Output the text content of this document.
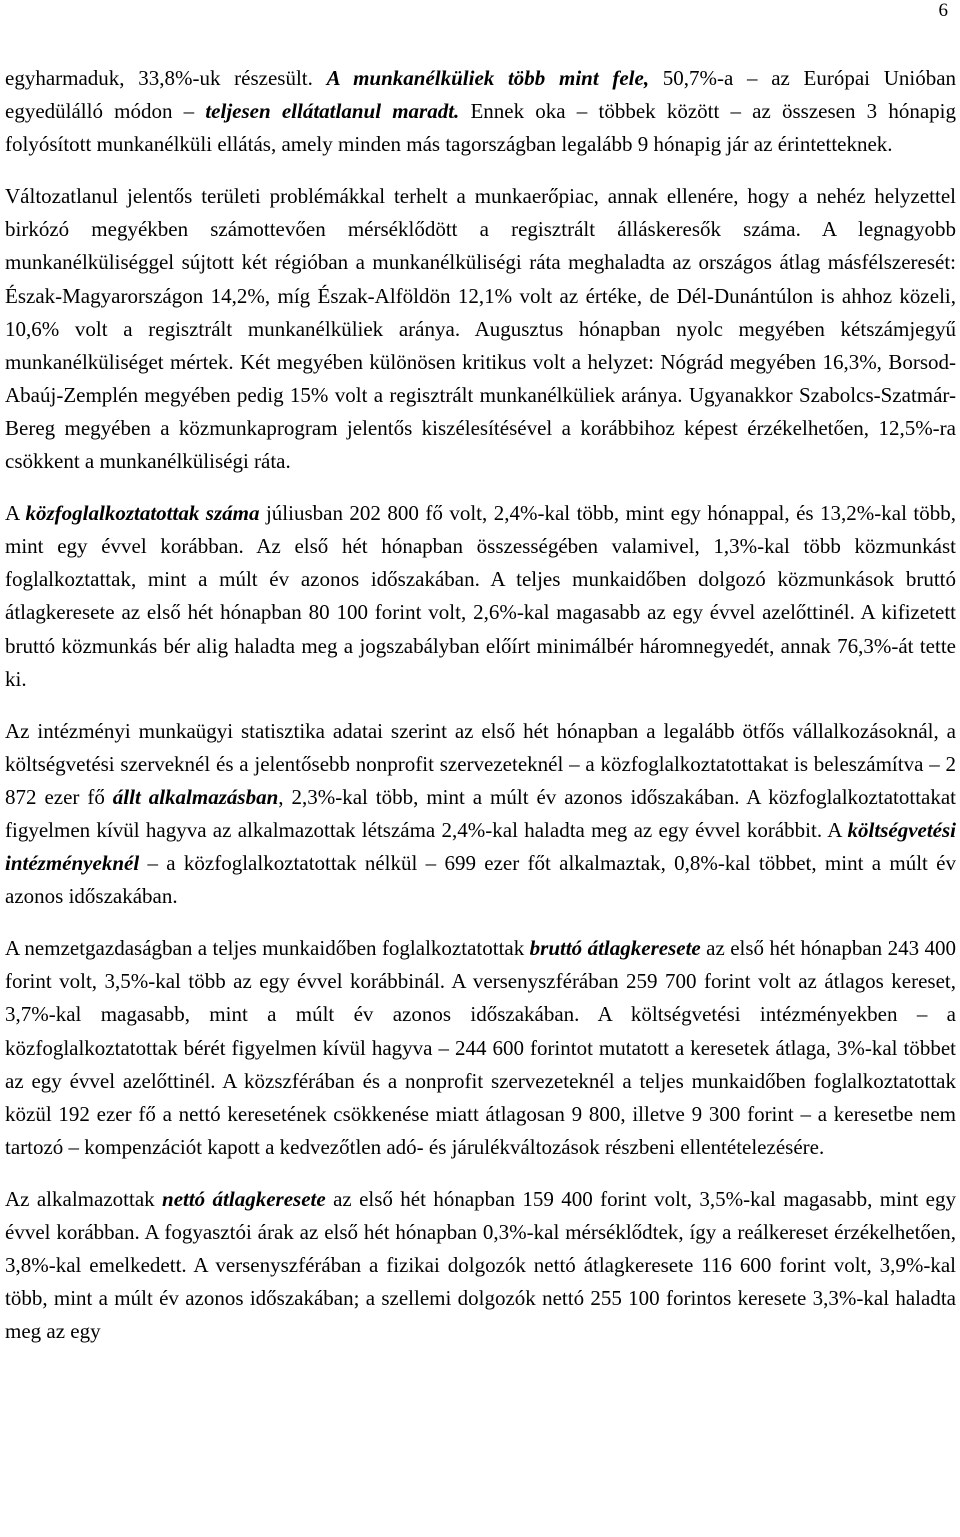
6

egyharmaduk, 33,8%-uk részesült. A munkanélküliek több mint fele, 50,7%-a – az Európai Unióban egyedülálló módon – teljesen ellátatlanul maradt. Ennek oka – többek között – az összesen 3 hónapig folyósított munkanélküli ellátás, amely minden más tagországban legalább 9 hónapig jár az érintetteknek.

Változatlanul jelentős területi problémákkal terhelt a munkaerőpiac, annak ellenére, hogy a nehéz helyzettel birkózó megyékben számottevően mérséklődött a regisztrált álláskeresők száma. A legnagyobb munkanélküliséggel sújtott két régióban a munkanélküliségi ráta meghaladta az országos átlag másfélszeresét: Észak-Magyarországon 14,2%, míg Észak-Alföldön 12,1% volt az értéke, de Dél-Dunántúlon is ahhoz közeli, 10,6% volt a regisztrált munkanélküliek aránya. Augusztus hónapban nyolc megyében kétszámjegyű munkanélküliséget mértek. Két megyében különösen kritikus volt a helyzet: Nógrád megyében 16,3%, Borsod-Abaúj-Zemplén megyében pedig 15% volt a regisztrált munkanélküliek aránya. Ugyanakkor Szabolcs-Szatmár-Bereg megyében a közmunkaprogram jelentős kiszélesítésével a korábbihoz képest érzékelhetően, 12,5%-ra csökkent a munkanélküliségi ráta.

A közfoglalkoztatottak száma júliusban 202 800 fő volt, 2,4%-kal több, mint egy hónappal, és 13,2%-kal több, mint egy évvel korábban. Az első hét hónapban összességében valamivel, 1,3%-kal több közmunkást foglalkoztattak, mint a múlt év azonos időszakában. A teljes munkaidőben dolgozó közmunkások bruttó átlagkeresete az első hét hónapban 80 100 forint volt, 2,6%-kal magasabb az egy évvel azelőttinél. A kifizetett bruttó közmunkás bér alig haladta meg a jogszabályban előírt minimálbér háromnegyedét, annak 76,3%-át tette ki.

Az intézményi munkaügyi statisztika adatai szerint az első hét hónapban a legalább ötfős vállalkozásoknál, a költségvetési szerveknél és a jelentősebb nonprofit szervezeteknél – a közfoglalkoztatottakat is beleszámítva – 2 872 ezer fő állt alkalmazásban, 2,3%-kal több, mint a múlt év azonos időszakában. A közfoglalkoztatottakat figyelmen kívül hagyva az alkalmazottak létszáma 2,4%-kal haladta meg az egy évvel korábbit. A költségvetési intézményeknél – a közfoglalkoztatottak nélkül – 699 ezer főt alkalmaztak, 0,8%-kal többet, mint a múlt év azonos időszakában.

A nemzetgazdaságban a teljes munkaidőben foglalkoztatottak bruttó átlagkeresete az első hét hónapban 243 400 forint volt, 3,5%-kal több az egy évvel korábbinál. A versenyszférában 259 700 forint volt az átlagos kereset, 3,7%-kal magasabb, mint a múlt év azonos időszakában. A költségvetési intézményekben – a közfoglalkoztatottak bérét figyelmen kívül hagyva – 244 600 forintot mutatott a keresetek átlaga, 3%-kal többet az egy évvel azelőttinél. A közszférában és a nonprofit szervezeteknél a teljes munkaidőben foglalkoztatottak közül 192 ezer fő a nettó keresetének csökkenése miatt átlagosan 9 800, illetve 9 300 forint – a keresetbe nem tartozó – kompenzációt kapott a kedvezőtlen adó- és járulékváltozások részbeni ellentételezésére.

Az alkalmazottak nettó átlagkeresete az első hét hónapban 159 400 forint volt, 3,5%-kal magasabb, mint egy évvel korábban. A fogyasztói árak az első hét hónapban 0,3%-kal mérséklődtek, így a reálkereset érzékelhetően, 3,8%-kal emelkedett. A versenyszférában a fizikai dolgozók nettó átlagkeresete 116 600 forint volt, 3,9%-kal több, mint a múlt év azonos időszakában; a szellemi dolgozók nettó 255 100 forintos keresete 3,3%-kal haladta meg az egy
